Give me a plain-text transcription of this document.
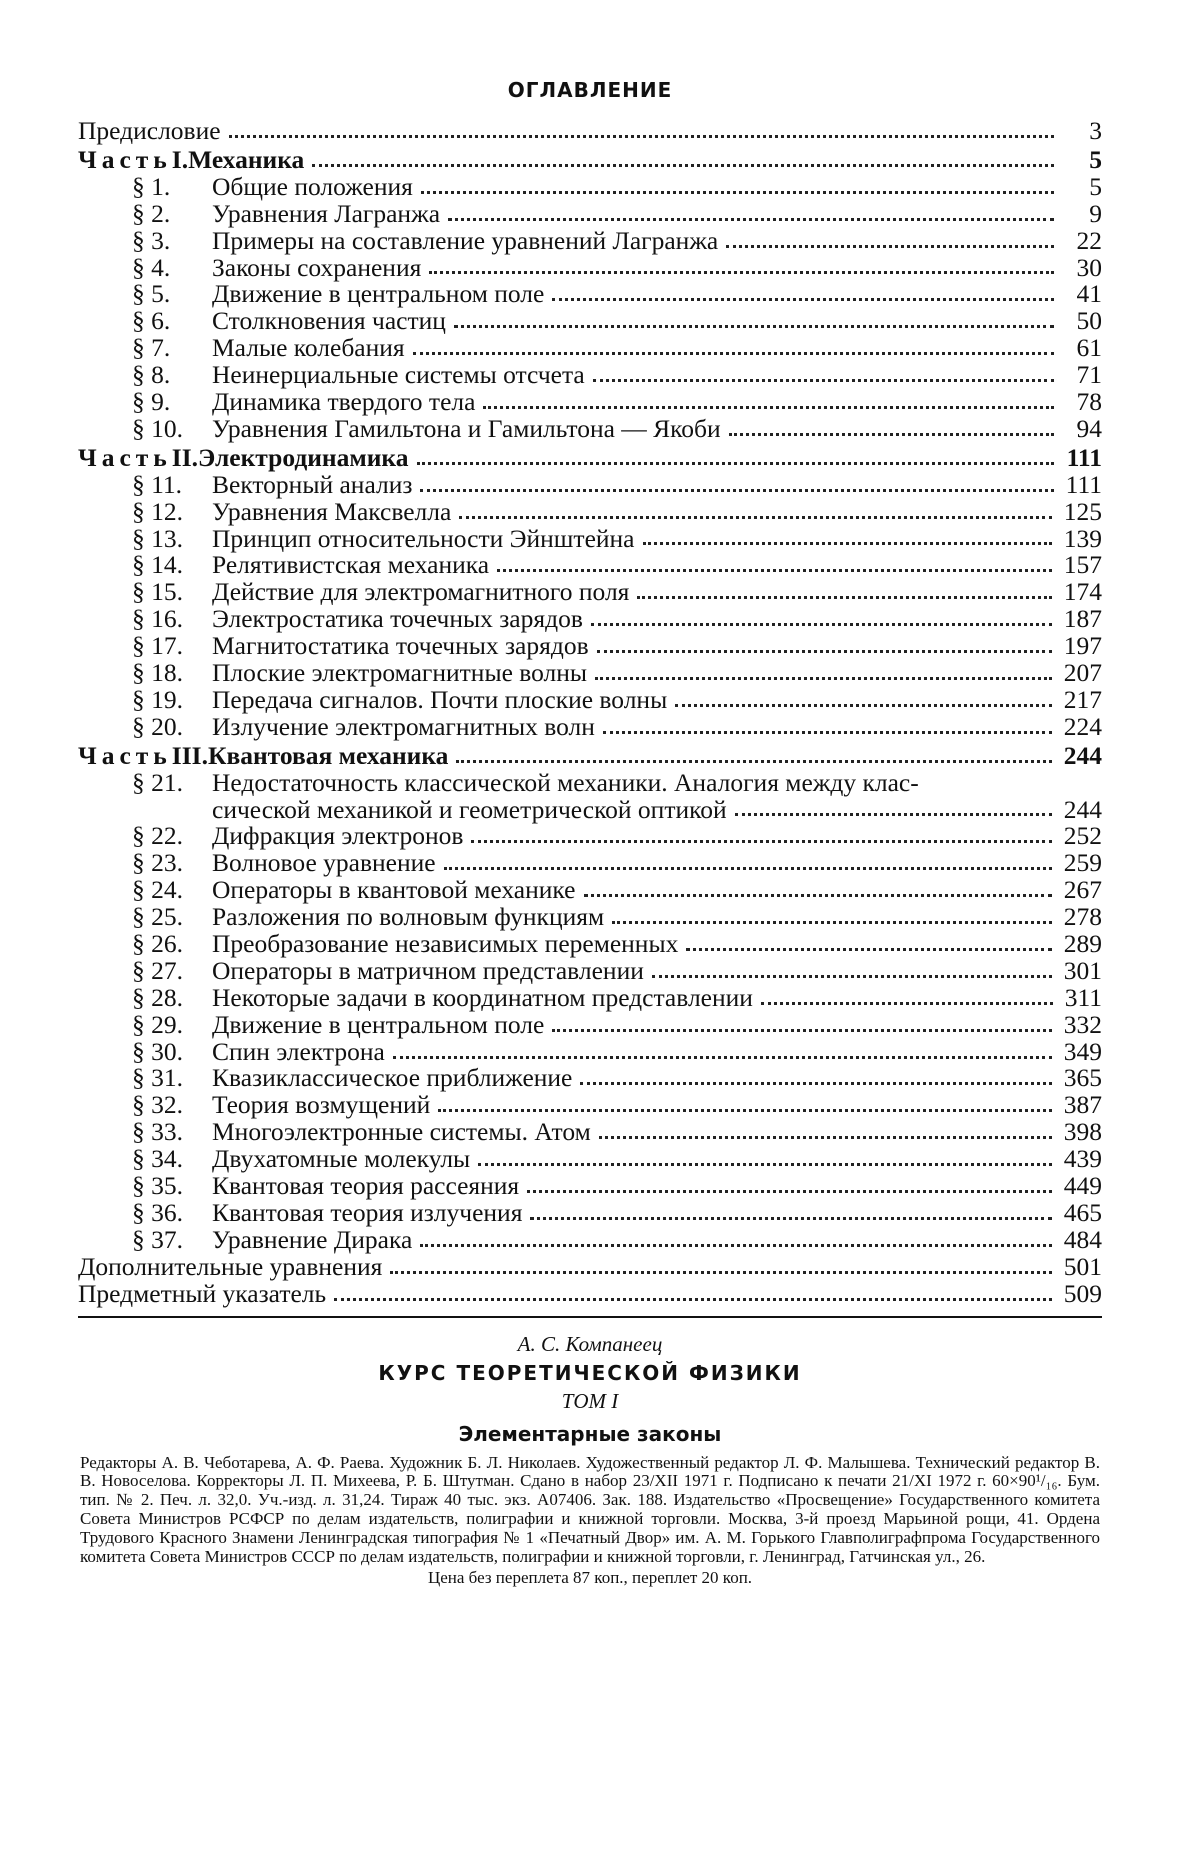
ОГЛАВЛЕНИЕ
Предисловие	3
Часть I. Механика	5
§ 1.	Общие положения	5
§ 2.	Уравнения Лагранжа	9
§ 3.	Примеры на составление уравнений Лагранжа	22
§ 4.	Законы сохранения	30
§ 5.	Движение в центральном поле	41
§ 6.	Столкновения частиц	50
§ 7.	Малые колебания	61
§ 8.	Неинерциальные системы отсчета	71
§ 9.	Динамика твердого тела	78
§ 10.	Уравнения Гамильтона и Гамильтона — Якоби	94
Часть II. Электродинамика	111
§ 11.	Векторный анализ	111
§ 12.	Уравнения Максвелла	125
§ 13.	Принцип относительности Эйнштейна	139
§ 14.	Релятивистская механика	157
§ 15.	Действие для электромагнитного поля	174
§ 16.	Электростатика точечных зарядов	187
§ 17.	Магнитостатика точечных зарядов	197
§ 18.	Плоские электромагнитные волны	207
§ 19.	Передача сигналов. Почти плоские волны	217
§ 20.	Излучение электромагнитных волн	224
Часть III. Квантовая механика	244
§ 21.	Недостаточность классической механики. Аналогия между клас-
сической механикой и геометрической оптикой	244
§ 22.	Дифракция электронов	252
§ 23.	Волновое уравнение	259
§ 24.	Операторы в квантовой механике	267
§ 25.	Разложения по волновым функциям	278
§ 26.	Преобразование независимых переменных	289
§ 27.	Операторы в матричном представлении	301
§ 28.	Некоторые задачи в координатном представлении	311
§ 29.	Движение в центральном поле	332
§ 30.	Спин электрона	349
§ 31.	Квазиклассическое приближение	365
§ 32.	Теория возмущений	387
§ 33.	Многоэлектронные системы. Атом	398
§ 34.	Двухатомные молекулы	439
§ 35.	Квантовая теория рассеяния	449
§ 36.	Квантовая теория излучения	465
§ 37.	Уравнение Дирака	484
Дополнительные уравнения	501
Предметный указатель	509
А. С. Компанеец
КУРС ТЕОРЕТИЧЕСКОЙ ФИЗИКИ
ТОМ I
Элементарные законы
Редакторы А. В. Чеботарева, А. Ф. Раева. Художник Б. Л. Николаев. Художественный редактор Л. Ф. Малышева. Технический редактор В. В. Новоселова. Корректоры Л. П. Михеева, Р. Б. Штутман. Сдано в набор 23/XII 1971 г. Подписано к печати 21/XI 1972 г. 60×90¹/₁₆. Бум. тип. № 2. Печ. л. 32,0. Уч.-изд. л. 31,24. Тираж 40 тыс. экз. А07406. Зак. 188. Издательство «Просвещение» Государственного комитета Совета Министров РСФСР по делам издательств, полиграфии и книжной торговли. Москва, 3-й проезд Марьиной рощи, 41. Ордена Трудового Красного Знамени Ленинградская типография № 1 «Печатный Двор» им. А. М. Горького Главполиграфпрома Государственного комитета Совета Министров СССР по делам издательств, полиграфии и книжной торговли, г. Ленинград, Гатчинская ул., 26.
Цена без переплета 87 коп., переплет 20 коп.
